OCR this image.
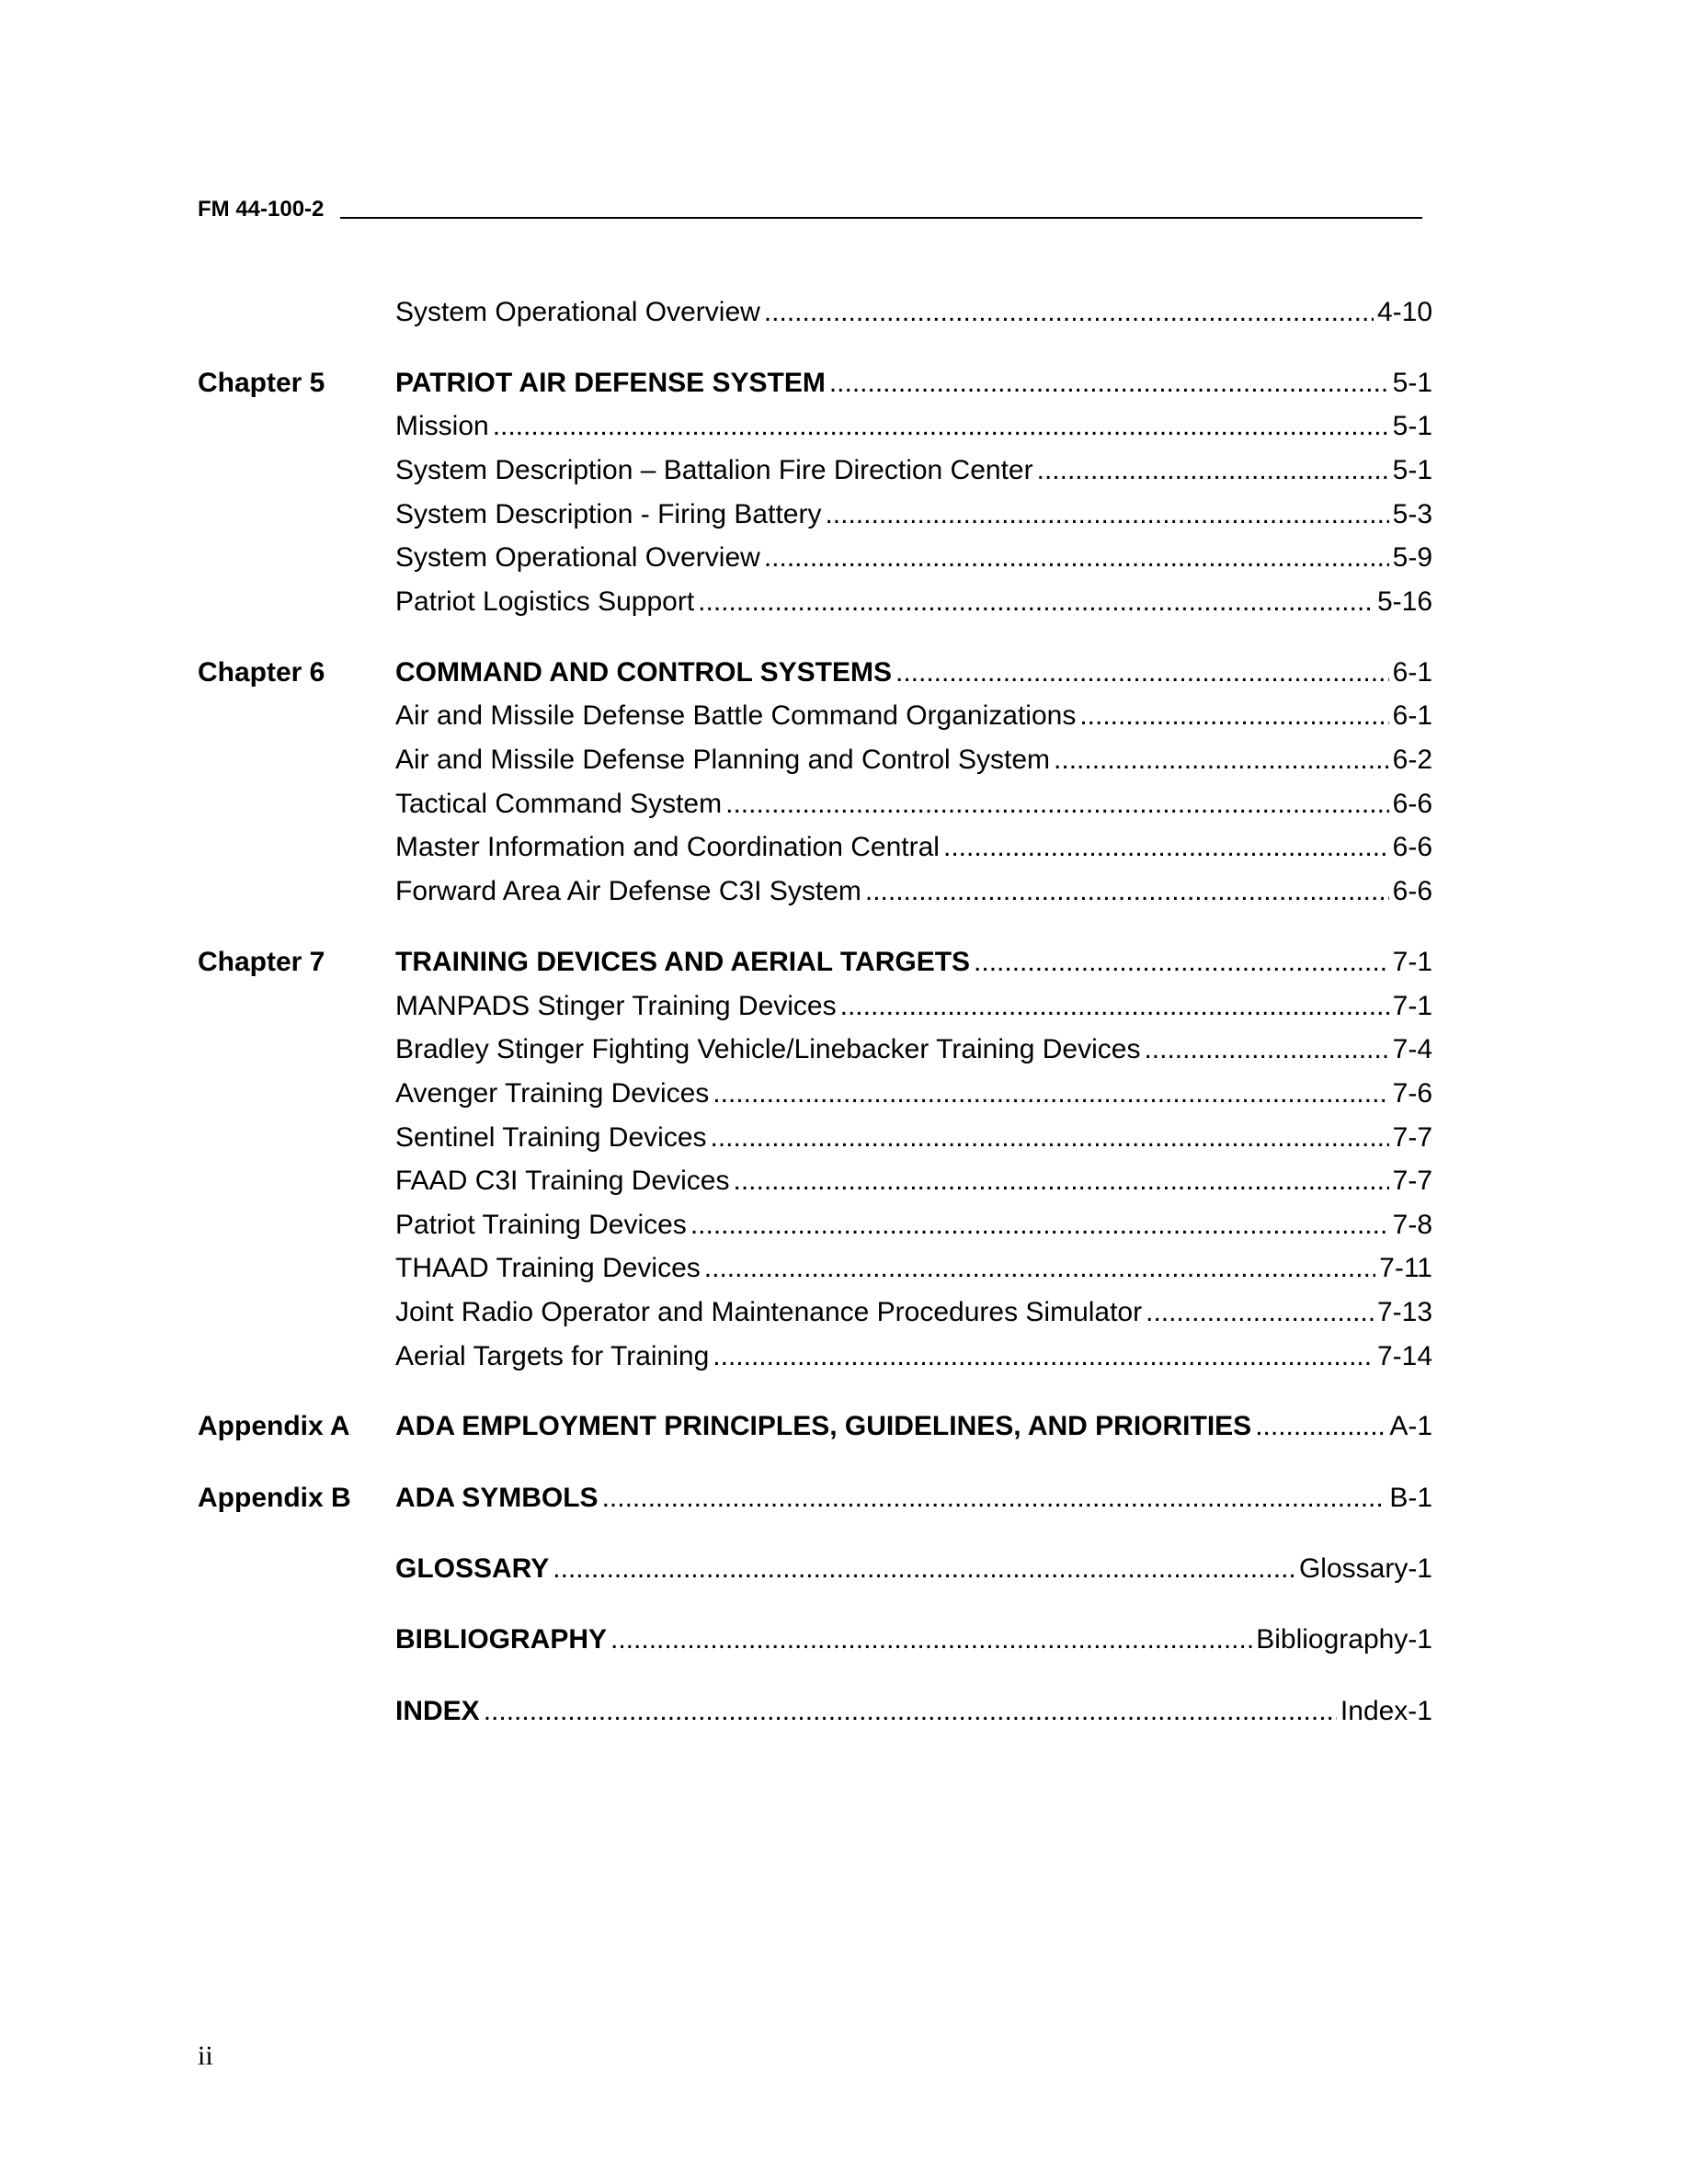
FM 44-100-2
System Operational Overview .....	4-10
Chapter 5	PATRIOT AIR DEFENSE SYSTEM .....	5-1
Mission .....	5-1
System Description – Battalion Fire Direction Center .....	5-1
System Description - Firing Battery .....	5-3
System Operational Overview .....	5-9
Patriot Logistics Support .....	5-16
Chapter 6	COMMAND AND CONTROL SYSTEMS .....	6-1
Air and Missile Defense Battle Command Organizations .....	6-1
Air and Missile Defense Planning and Control System .....	6-2
Tactical Command System .....	6-6
Master Information and Coordination Central .....	6-6
Forward Area Air Defense C3I System .....	6-6
Chapter 7	TRAINING DEVICES AND AERIAL TARGETS .....	7-1
MANPADS Stinger Training Devices .....	7-1
Bradley Stinger Fighting Vehicle/Linebacker Training Devices .....	7-4
Avenger Training Devices .....	7-6
Sentinel Training Devices .....	7-7
FAAD C3I Training Devices .....	7-7
Patriot Training Devices .....	7-8
THAAD Training Devices .....	7-11
Joint Radio Operator and Maintenance Procedures Simulator .....	7-13
Aerial Targets for Training .....	7-14
Appendix A ADA EMPLOYMENT PRINCIPLES, GUIDELINES, AND PRIORITIES .....	A-1
Appendix B ADA SYMBOLS .....	B-1
GLOSSARY .....	Glossary-1
BIBLIOGRAPHY .....	Bibliography-1
INDEX .....	Index-1
ii
